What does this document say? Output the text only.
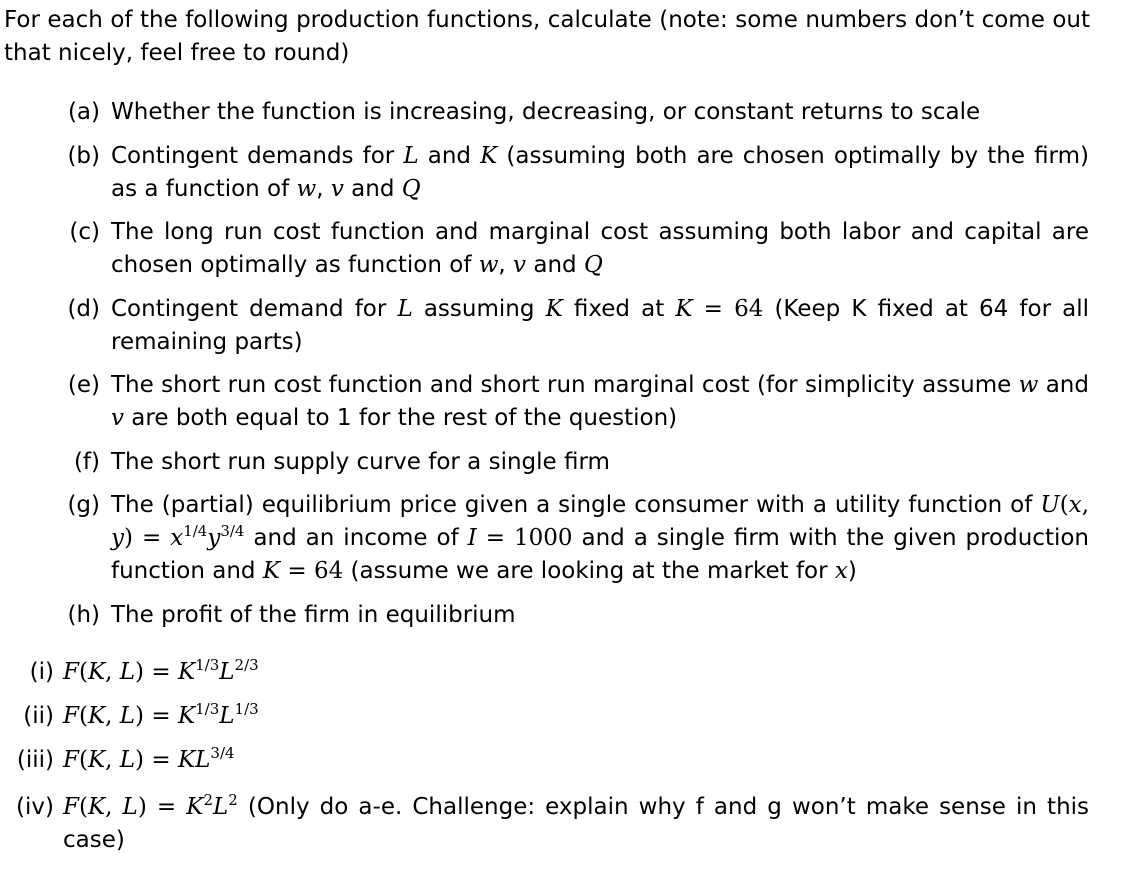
For each of the following production functions, calculate (note: some numbers don’t come out that nicely, feel free to round)
(a) Whether the function is increasing, decreasing, or constant returns to scale
(b) Contingent demands for L and K (assuming both are chosen optimally by the firm) as a function of w, v and Q
(c) The long run cost function and marginal cost assuming both labor and capital are chosen optimally as function of w, v and Q
(d) Contingent demand for L assuming K fixed at K = 64 (Keep K fixed at 64 for all remaining parts)
(e) The short run cost function and short run marginal cost (for simplicity assume w and v are both equal to 1 for the rest of the question)
(f) The short run supply curve for a single firm
(g) The (partial) equilibrium price given a single consumer with a utility function of U(x, $y) = x^{1/4}y^{3/4}$ and an income of I = 1000 and a single firm with the given production function and K = 64 (assume we are looking at the market for x)
(h) The profit of the firm in equilibrium
(i) F(K, $L) = K^{1/3}L^{2/3}$
(ii) F(K, $L) = K^{1/3}L^{1/3}$
(iii) F(K, $L) = KL^{3/4}$
(iv) F(K, $L) = K^2L^2$ (Only do a-e. Challenge: explain why f and g won’t make sense in this case)
